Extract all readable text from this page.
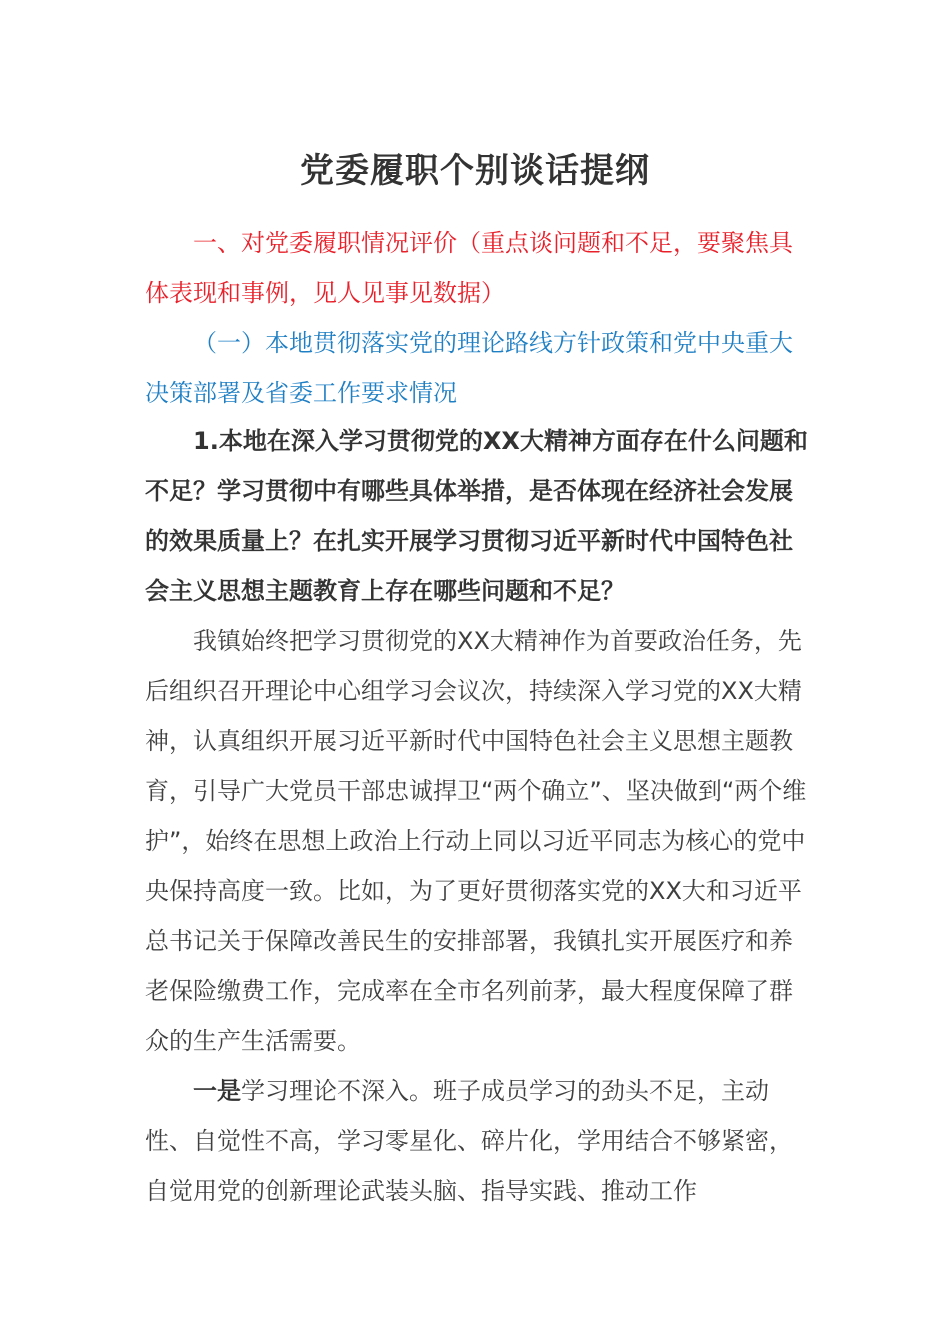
党委履职个别谈话提纲

一、对党委履职情况评价（重点谈问题和不足，要聚焦具体表现和事例，见人见事见数据）

（一）本地贯彻落实党的理论路线方针政策和党中央重大决策部署及省委工作要求情况

1.本地在深入学习贯彻党的XX大精神方面存在什么问题和不足？学习贯彻中有哪些具体举措，是否体现在经济社会发展的效果质量上？在扎实开展学习贯彻习近平新时代中国特色社会主义思想主题教育上存在哪些问题和不足？

我镇始终把学习贯彻党的XX大精神作为首要政治任务，先后组织召开理论中心组学习会议次，持续深入学习党的XX大精神，认真组织开展习近平新时代中国特色社会主义思想主题教育，引导广大党员干部忠诚捍卫“两个确立”、坚决做到“两个维护”，始终在思想上政治上行动上同以习近平同志为核心的党中央保持高度一致。比如，为了更好贯彻落实党的XX大和习近平总书记关于保障改善民生的安排部署，我镇扎实开展医疗和养老保险缴费工作，完成率在全市名列前茅，最大程度保障了群众的生产生活需要。

一是学习理论不深入。班子成员学习的劲头不足，主动性、自觉性不高，学习零星化、碎片化，学用结合不够紧密，自觉用党的创新理论武装头脑、指导实践、推动工作
